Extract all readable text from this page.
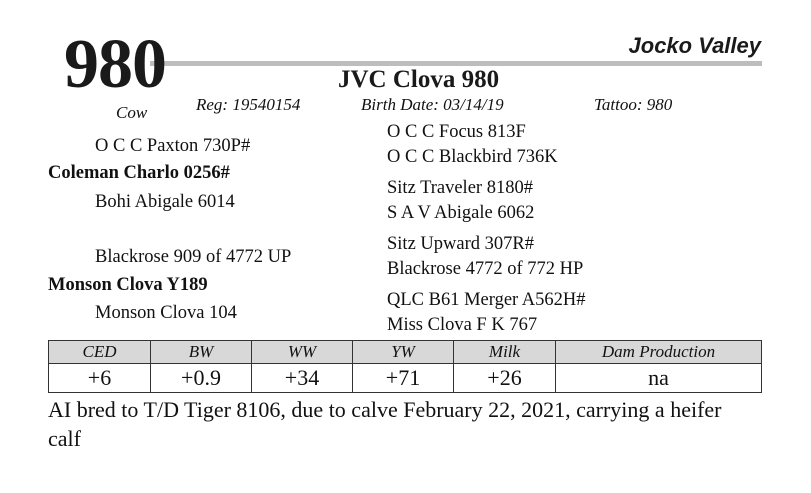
980	Jocko Valley
JVC Clova 980
Cow	Reg: 19540154	Birth Date: 03/14/19	Tattoo: 980
O C C Paxton 730P#
Coleman Charlo 0256#
Bohi Abigale 6014
Blackrose 909 of 4772 UP
Monson Clova Y189
Monson Clova 104
O C C Focus 813F
O C C Blackbird 736K
Sitz Traveler 8180#
S A V Abigale 6062
Sitz Upward 307R#
Blackrose 4772 of 772 HP
QLC B61 Merger A562H#
Miss Clova F K 767
CED	BW	WW	YW	Milk	Dam Production
+6	+0.9	+34	+71	+26	na
AI bred to T/D Tiger 8106, due to calve February 22, 2021, carrying a heifer calf
